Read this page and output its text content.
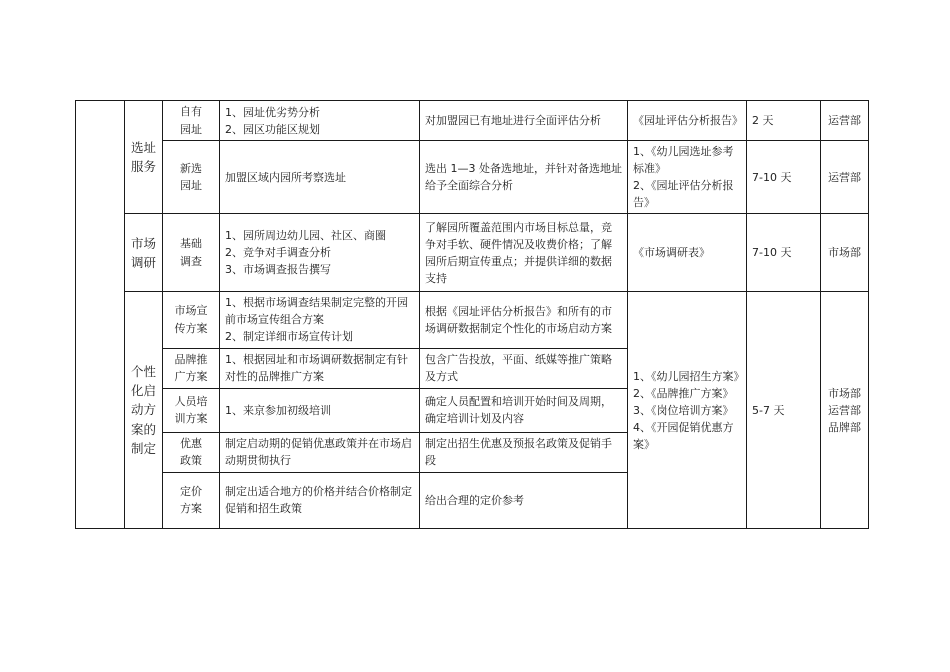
	选址
服务	自有
园址	1、园址优劣势分析
2、园区功能区规划	对加盟园已有地址进行全面评估分析	《园址评估分析报告》	2 天	运营部

		新选
园址	加盟区域内园所考察选址	选出 1—3 处备选地址，并针对备选地址给予全面综合分析	1、《幼儿园选址参考标准》
2、《园址评估分析报告》	7-10 天	运营部

	市场
调研	基础
调查	1、园所周边幼儿园、社区、商圈
2、竞争对手调查分析
3、市场调查报告撰写	了解园所覆盖范围内市场目标总量，竞争对手软、硬件情况及收费价格；了解园所后期宣传重点；并提供详细的数据支持	《市场调研表》	7-10 天	市场部

	个性
化启
动方
案的
制定	市场宣
传方案	1、根据市场调查结果制定完整的开园前市场宣传组合方案
2、制定详细市场宣传计划	根据《园址评估分析报告》和所有的市场调研数据制定个性化的市场启动方案	1、《幼儿园招生方案》
2、《品牌推广方案》
3、《岗位培训方案》
4、《开园促销优惠方案》	5-7 天	市场部
运营部
品牌部

		品牌推
广方案	1、根据园址和市场调研数据制定有针对性的品牌推广方案	包含广告投放，平面、纸媒等推广策略及方式			

		人员培
训方案	1、来京参加初级培训	确定人员配置和培训开始时间及周期，确定培训计划及内容			

		优惠
政策	制定启动期的促销优惠政策并在市场启动期贯彻执行	制定出招生优惠及预报名政策及促销手段			

		定价
方案	制定出适合地方的价格并结合价格制定促销和招生政策	给出合理的定价参考			
